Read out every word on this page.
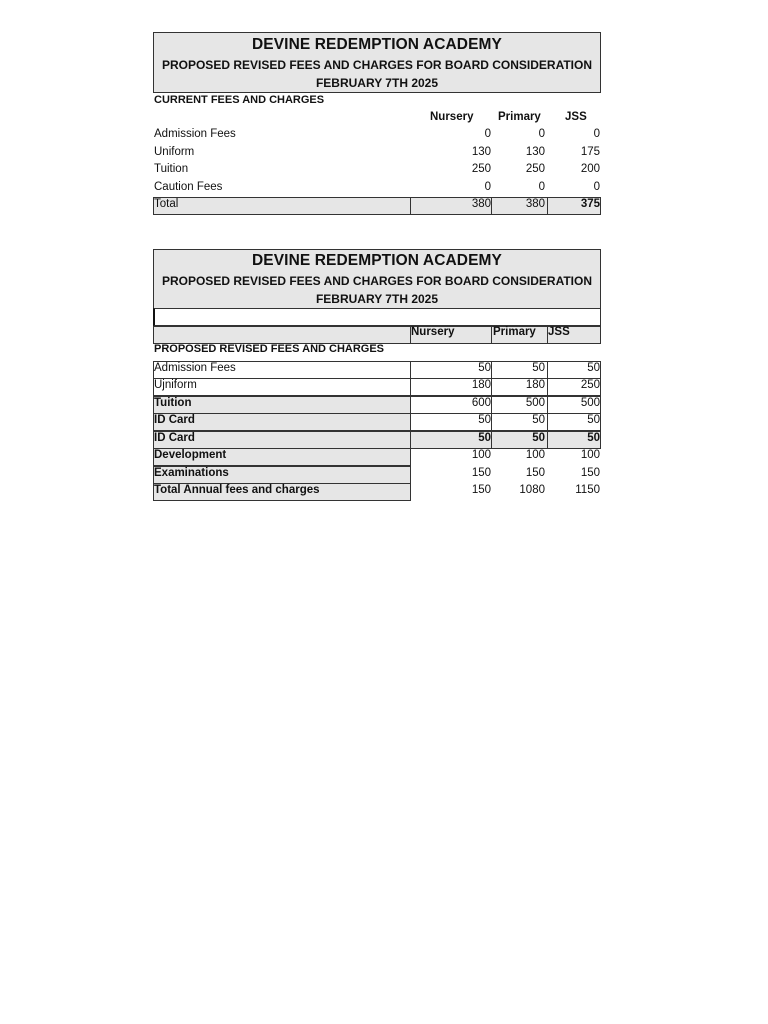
DEVINE REDEMPTION ACADEMY
PROPOSED REVISED FEES AND CHARGES FOR BOARD CONSIDERATION
FEBRUARY 7TH 2025
CURRENT FEES AND CHARGES
Nursery Primary JSS
Admission Fees	0	0	0
Uniform	130	130	175
Tuition	250	250	200
Caution Fees	0	0	0
Total	380	380	375
DEVINE REDEMPTION ACADEMY
PROPOSED REVISED FEES AND CHARGES FOR BOARD CONSIDERATION
FEBRUARY 7TH 2025
Nursery	Primary JSS
PROPOSED REVISED FEES AND CHARGES
Admission Fees	50	50	50
Ujniform	180	180	250
Tuition	600	500	500
ID Card	50	50	50
ID Card	50	50	50
Development	100	100	100
Examinations	150	150	150
Total Annual fees and charges	150	1080	1150
